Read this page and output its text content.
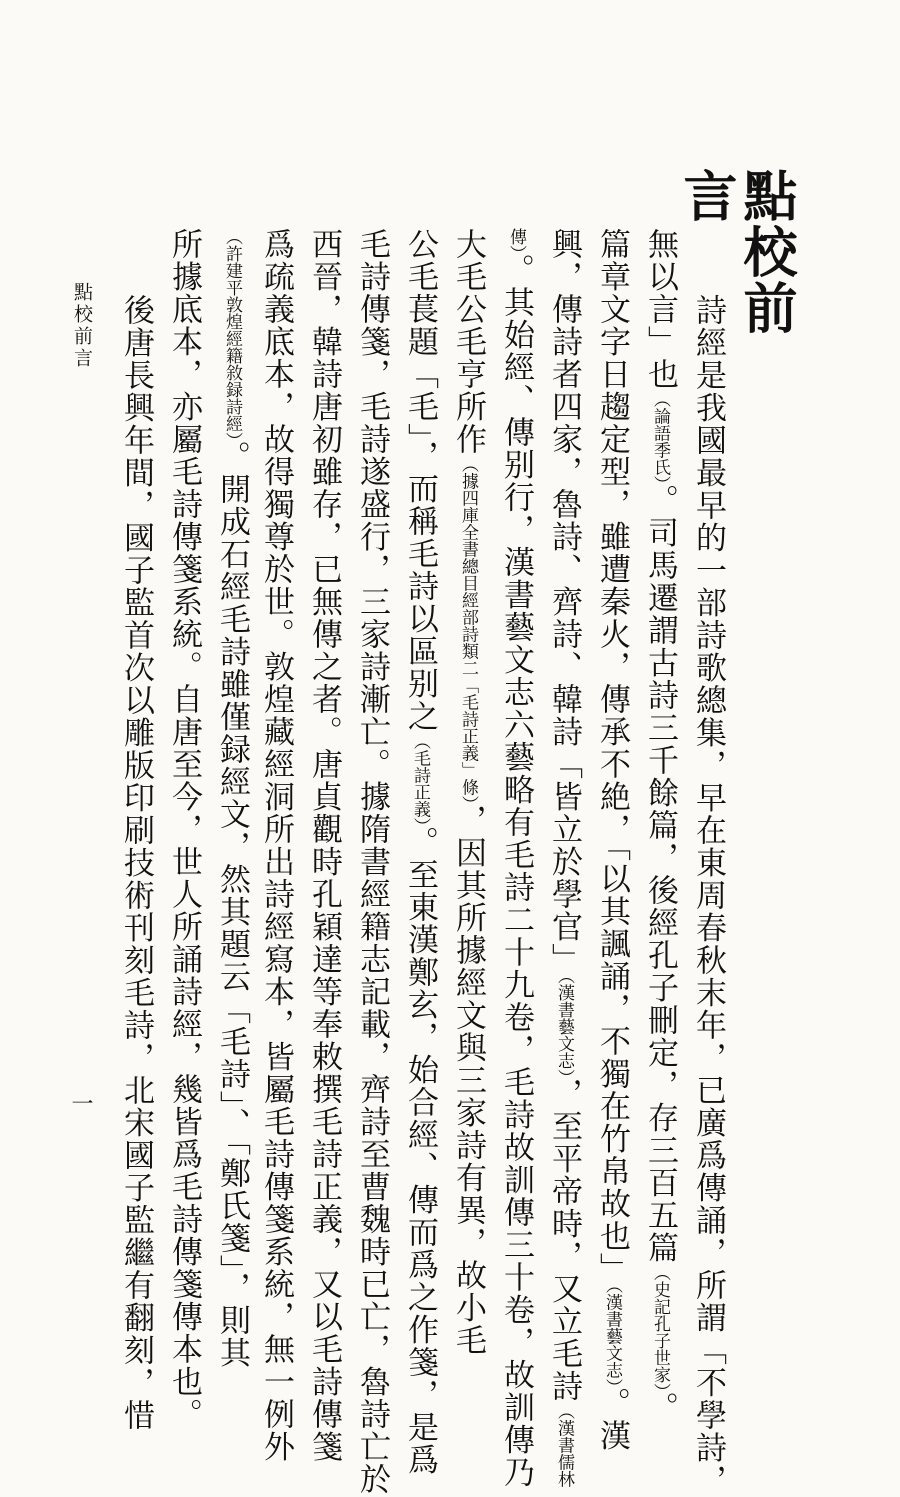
點校前言
詩經是我國最早的一部詩歌總集，早在東周春秋末年，已廣爲傳誦，所謂「不學詩，
無以言」也（論語季氏）。司馬遷謂古詩三千餘篇，後經孔子刪定，存三百五篇（史記孔子世家）。
篇章文字日趨定型，雖遭秦火，傳承不絶，「以其諷誦，不獨在竹帛故也」（漢書藝文志）。漢
興，傳詩者四家，魯詩、齊詩、韓詩「皆立於學官」（漢書藝文志），至平帝時，又立毛詩（漢書儒林
傳）。其始經、傳别行，漢書藝文志六藝略有毛詩二十九卷，毛詩故訓傳三十卷，故訓傳乃
大毛公毛亨所作（據四庫全書總目經部詩類二「毛詩正義」條），因其所據經文與三家詩有異，故小毛
公毛萇題「毛」，而稱毛詩以區别之（毛詩正義）。至東漢鄭玄，始合經、傳而爲之作箋，是爲
毛詩傳箋，毛詩遂盛行，三家詩漸亡。據隋書經籍志記載，齊詩至曹魏時已亡，魯詩亡於
西晉，韓詩唐初雖存，已無傳之者。唐貞觀時孔穎達等奉敕撰毛詩正義，又以毛詩傳箋
爲疏義底本，故得獨尊於世。敦煌藏經洞所出詩經寫本，皆屬毛詩傳箋系統，無一例外
（許建平敦煌經籍敘録詩經）。開成石經毛詩雖僅録經文，然其題云「毛詩」、「鄭氏箋」，則其
所據底本，亦屬毛詩傳箋系統。自唐至今，世人所誦詩經，幾皆爲毛詩傳箋傳本也。
後唐長興年間，國子監首次以雕版印刷技術刊刻毛詩，北宋國子監繼有翻刻，惜
點校前言
一
